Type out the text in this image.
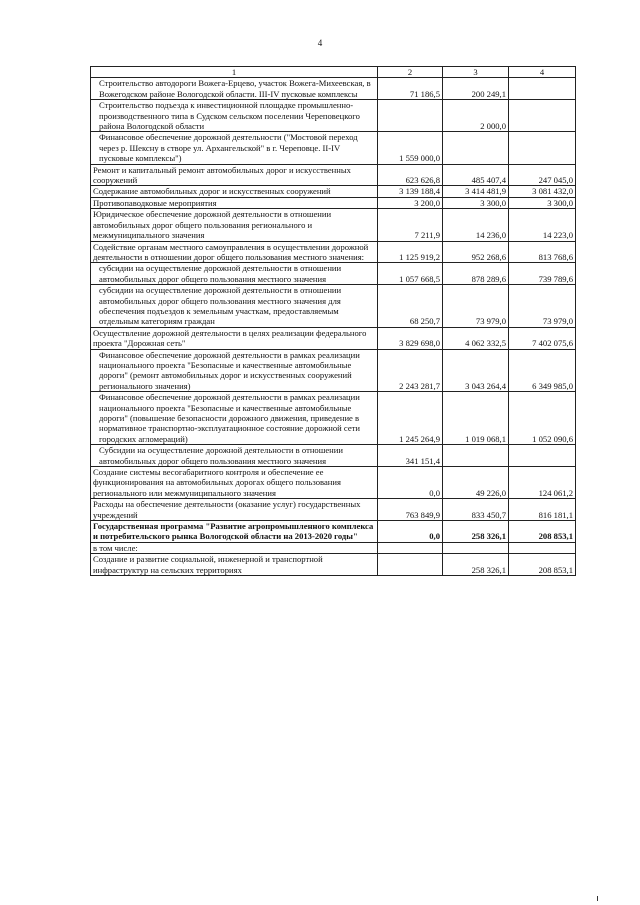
4
1	2	3	4
Строительство автодороги Вожега-Ерцево, участок Вожега-Михеевская, в Вожегодском районе Вологодской области. III-IV пусковые комплексы	71 186,5	200 249,1	
Строительство подъезда к инвестиционной площадке промышленно-производственного типа в Судском сельском поселении Череповецкого района Вологодской области		2 000,0	
Финансовое обеспечение дорожной деятельности ("Мостовой переход через р. Шексну в створе ул. Архангельской" в г. Череповце. II-IV пусковые комплексы")	1 559 000,0		
Ремонт и капитальный ремонт автомобильных дорог и искусственных сооружений	623 626,8	485 407,4	247 045,0
Содержание автомобильных дорог и искусственных сооружений	3 139 188,4	3 414 481,9	3 081 432,0
Противопаводковые мероприятия	3 200,0	3 300,0	3 300,0
Юридическое обеспечение дорожной деятельности в отношении автомобильных дорог общего пользования регионального и межмуниципального значения	7 211,9	14 236,0	14 223,0
Содействие органам местного самоуправления в осуществлении дорожной деятельности в отношении дорог общего пользования местного значения:	1 125 919,2	952 268,6	813 768,6
субсидии на осуществление дорожной деятельности в отношении автомобильных дорог общего пользования местного значения	1 057 668,5	878 289,6	739 789,6
субсидии на осуществление дорожной деятельности в отношении автомобильных дорог общего пользования местного значения для обеспечения подъездов к земельным участкам, предоставляемым отдельным категориям граждан	68 250,7	73 979,0	73 979,0
Осуществление дорожной деятельности в целях реализации федерального проекта "Дорожная сеть"	3 829 698,0	4 062 332,5	7 402 075,6
Финансовое обеспечение дорожной деятельности в рамках реализации национального проекта "Безопасные и качественные автомобильные дороги" (ремонт автомобильных дорог и искусственных сооружений регионального значения)	2 243 281,7	3 043 264,4	6 349 985,0
Финансовое обеспечение дорожной деятельности в рамках реализации национального проекта "Безопасные и качественные автомобильные дороги" (повышение безопасности дорожного движения, приведение в нормативное транспортно-эксплуатационное состояние дорожной сети городских агломераций)	1 245 264,9	1 019 068,1	1 052 090,6
Субсидии на осуществление дорожной деятельности в отношении автомобильных дорог общего пользования местного значения	341 151,4		
Создание системы весогабаритного контроля и обеспечение ее функционирования на автомобильных дорогах общего пользования регионального или межмуниципального значения	0,0	49 226,0	124 061,2
Расходы на обеспечение деятельности (оказание услуг) государственных учреждений	763 849,9	833 450,7	816 181,1
Государственная программа "Развитие агропромышленного комплекса и потребительского рынка Вологодской области на 2013-2020 годы"	0,0	258 326,1	208 853,1
в том числе:			
Создание и развитие социальной, инженерной и транспортной инфраструктур на сельских территориях		258 326,1	208 853,1
